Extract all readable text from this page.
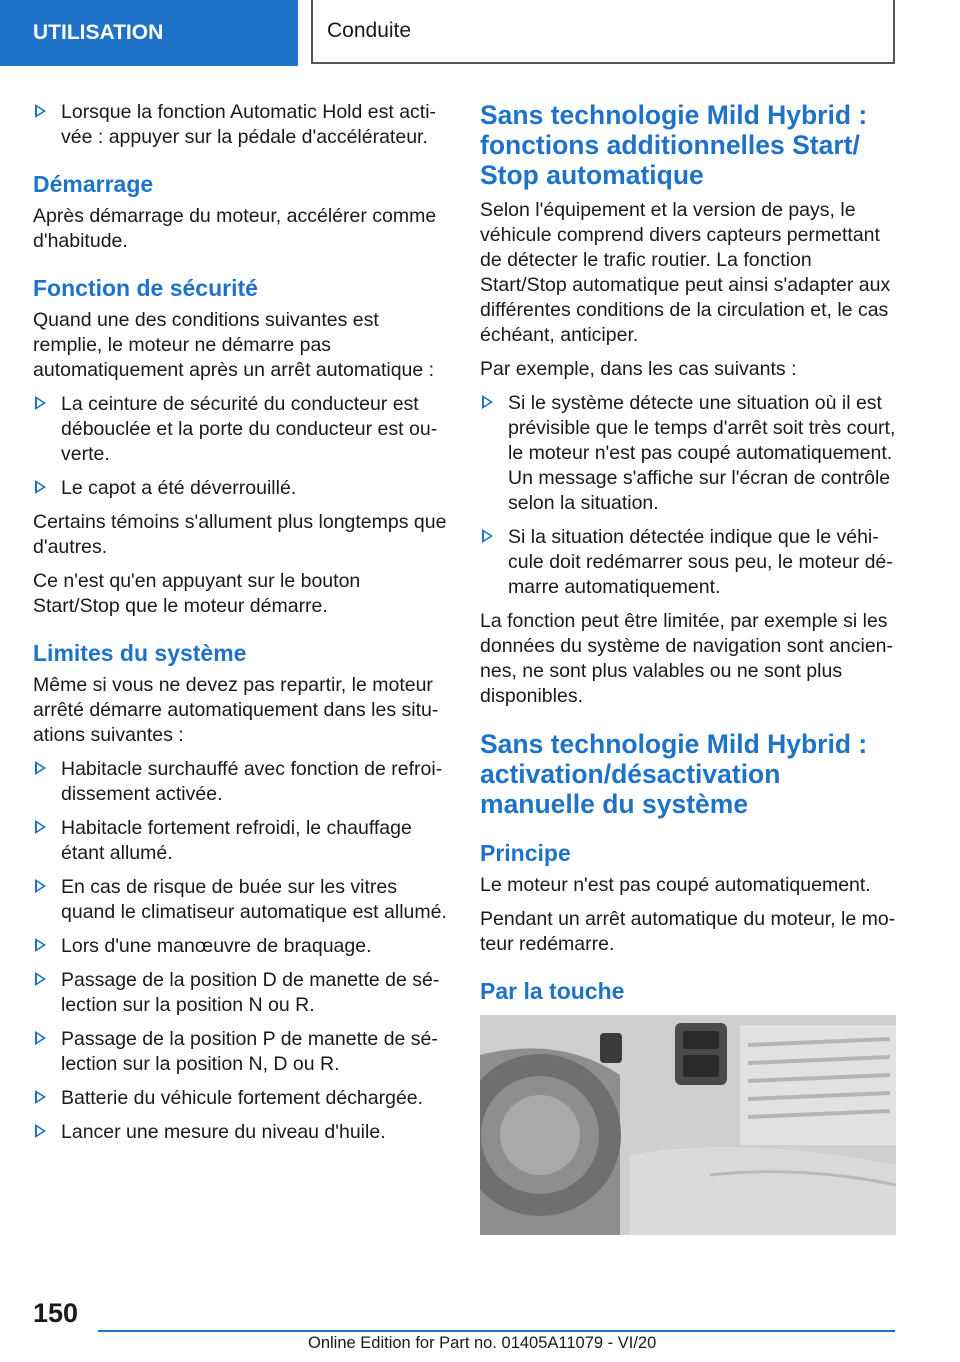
UTILISATION	Conduite
Lorsque la fonction Automatic Hold est activée : appuyer sur la pédale d'accélérateur.
Démarrage

Après démarrage du moteur, accélérer comme d'habitude.

Fonction de sécurité

Quand une des conditions suivantes est remplie, le moteur ne démarre pas automatiquement après un arrêt automatique :

La ceinture de sécurité du conducteur est débouclée et la porte du conducteur est ouverte.
Le capot a été déverrouillé.

Certains témoins s'allument plus longtemps que d'autres.

Ce n'est qu'en appuyant sur le bouton Start/Stop que le moteur démarre.

Limites du système

Même si vous ne devez pas repartir, le moteur arrêté démarre automatiquement dans les situations suivantes :

Habitacle surchauffé avec fonction de refroidissement activée.
Habitacle fortement refroidi, le chauffage étant allumé.
En cas de risque de buée sur les vitres quand le climatiseur automatique est allumé.
Lors d'une manœuvre de braquage.
Passage de la position D de manette de sélection sur la position N ou R.
Passage de la position P de manette de sélection sur la position N, D ou R.
Batterie du véhicule fortement déchargée.
Lancer une mesure du niveau d'huile.
Sans technologie Mild Hybrid : fonctions additionnelles Start/ Stop automatique

Selon l'équipement et la version de pays, le véhicule comprend divers capteurs permettant de détecter le trafic routier. La fonction Start/Stop automatique peut ainsi s'adapter aux différentes conditions de la circulation et, le cas échéant, anticiper.

Par exemple, dans les cas suivants :

Si le système détecte une situation où il est prévisible que le temps d'arrêt soit très court, le moteur n'est pas coupé automatiquement. Un message s'affiche sur l'écran de contrôle selon la situation.
Si la situation détectée indique que le véhicule doit redémarrer sous peu, le moteur démarre automatiquement.

La fonction peut être limitée, par exemple si les données du système de navigation sont anciennes, ne sont plus valables ou ne sont plus disponibles.

Sans technologie Mild Hybrid : activation/désactivation manuelle du système
Principe

Le moteur n'est pas coupé automatiquement.

Pendant un arrêt automatique du moteur, le moteur redémarre.

Par la touche
150
Online Edition for Part no. 01405A11079 - VI/20
